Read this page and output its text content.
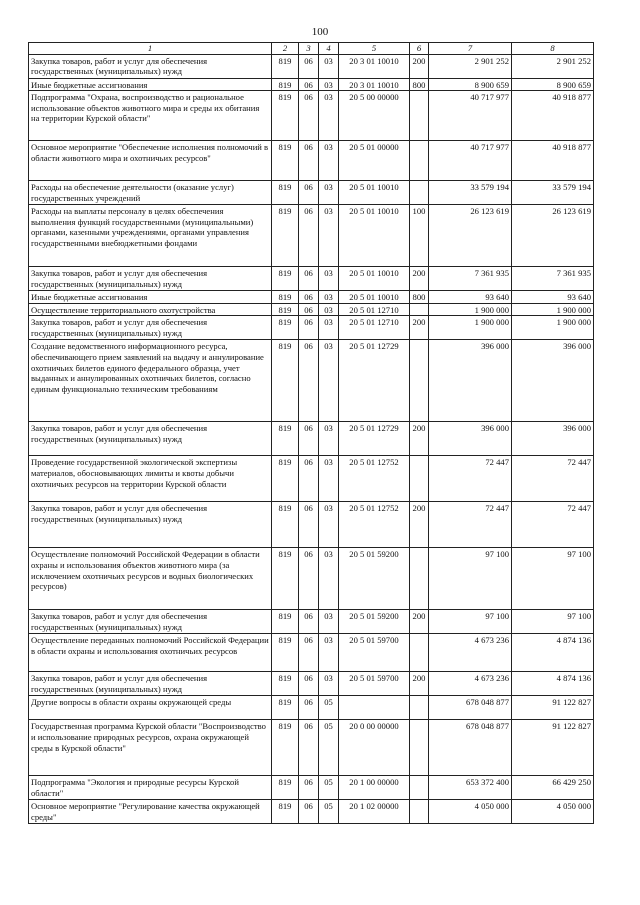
100
1	2	3	4	5	6	7	8
Закупка товаров, работ и услуг для обеспечения государственных (муниципальных) нужд	819	06	03	20 3 01 10010	200	2 901 252	2 901 252
Иные бюджетные ассигнования	819	06	03	20 3 01 10010	800	8 900 659	8 900 659
Подпрограмма "Охрана, воспроизводство и рациональное использование объектов животного мира и среды их обитания на территории Курской области"	819	06	03	20 5 00 00000		40 717 977	40 918 877
Основное мероприятие "Обеспечение исполнения полномочий в области животного мира и охотничьих ресурсов"	819	06	03	20 5 01 00000		40 717 977	40 918 877
Расходы на обеспечение деятельности (оказание услуг) государственных учреждений	819	06	03	20 5 01 10010		33 579 194	33 579 194
Расходы на выплаты персоналу в целях обеспечения выполнения функций государственными (муниципальными) органами, казенными учреждениями, органами управления государственными внебюджетными фондами	819	06	03	20 5 01 10010	100	26 123 619	26 123 619
Закупка товаров, работ и услуг для обеспечения государственных (муниципальных) нужд	819	06	03	20 5 01 10010	200	7 361 935	7 361 935
Иные бюджетные ассигнования	819	06	03	20 5 01 10010	800	93 640	93 640
Осуществление территориального охотустройства	819	06	03	20 5 01 12710		1 900 000	1 900 000
Закупка товаров, работ и услуг для обеспечения государственных (муниципальных) нужд	819	06	03	20 5 01 12710	200	1 900 000	1 900 000
Создание ведомственного информационного ресурса, обеспечивающего прием заявлений на выдачу и аннулирование охотничьих билетов единого федерального образца, учет выданных и аннулированных охотничьих билетов, согласно единым функционально техническим требованиям	819	06	03	20 5 01 12729		396 000	396 000
Закупка товаров, работ и услуг для обеспечения государственных (муниципальных) нужд	819	06	03	20 5 01 12729	200	396 000	396 000
Проведение государственной экологической экспертизы материалов, обосновывающих лимиты и квоты добычи охотничьих ресурсов на территории Курской области	819	06	03	20 5 01 12752		72 447	72 447
Закупка товаров, работ и услуг для обеспечения государственных (муниципальных) нужд	819	06	03	20 5 01 12752	200	72 447	72 447
Осуществление полномочий Российской Федерации в области охраны и использования объектов животного мира (за исключением охотничьих ресурсов и водных биологических ресурсов)	819	06	03	20 5 01 59200		97 100	97 100
Закупка товаров, работ и услуг для обеспечения государственных (муниципальных) нужд	819	06	03	20 5 01 59200	200	97 100	97 100
Осуществление переданных полномочий Российской Федерации в области охраны и использования охотничьих ресурсов	819	06	03	20 5 01 59700		4 673 236	4 874 136
Закупка товаров, работ и услуг для обеспечения государственных (муниципальных) нужд	819	06	03	20 5 01 59700	200	4 673 236	4 874 136
Другие вопросы в области охраны окружающей среды	819	06	05			678 048 877	91 122 827
Государственная программа Курской области "Воспроизводство и использование природных ресурсов, охрана окружающей среды в Курской области"	819	06	05	20 0 00 00000		678 048 877	91 122 827
Подпрограмма "Экология и природные ресурсы Курской области"	819	06	05	20 1 00 00000		653 372 400	66 429 250
Основное мероприятие "Регулирование качества окружающей среды"	819	06	05	20 1 02 00000		4 050 000	4 050 000
